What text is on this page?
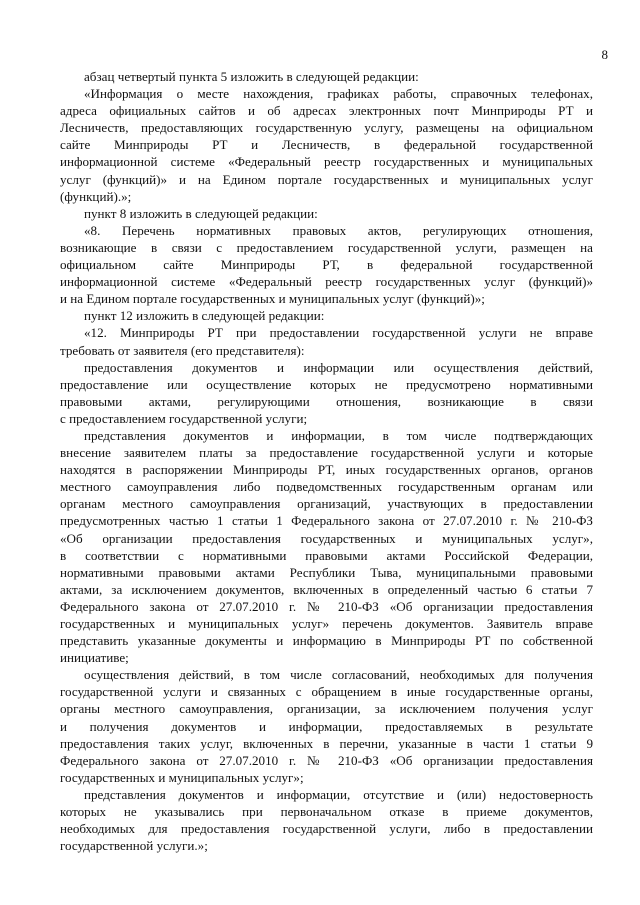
8
абзац четвертый пункта 5 изложить в следующей редакции:
«Информация о месте нахождения, графиках работы, справочных телефонах,
адреса официальных сайтов и об адресах электронных почт Минприроды РТ и
Лесничеств, предоставляющих государственную услугу, размещены на официальном
сайте Минприроды РТ и Лесничеств, в федеральной государственной
информационной системе «Федеральный реестр государственных и муниципальных
услуг (функций)» и на Едином портале государственных и муниципальных услуг
(функций).»;
пункт 8 изложить в следующей редакции:
«8. Перечень нормативных правовых актов, регулирующих отношения,
возникающие в связи с предоставлением государственной услуги, размещен на
официальном сайте Минприроды РТ, в федеральной государственной
информационной системе «Федеральный реестр государственных услуг (функций)»
и на Едином портале государственных и муниципальных услуг (функций)»;
пункт 12 изложить в следующей редакции:
«12. Минприроды РТ при предоставлении государственной услуги не вправе
требовать от заявителя (его представителя):
предоставления документов и информации или осуществления действий,
предоставление или осуществление которых не предусмотрено нормативными
правовыми актами, регулирующими отношения, возникающие в связи
с предоставлением государственной услуги;
представления документов и информации, в том числе подтверждающих
внесение заявителем платы за предоставление государственной услуги и которые
находятся в распоряжении Минприроды РТ, иных государственных органов, органов
местного самоуправления либо подведомственных государственным органам или
органам местного самоуправления организаций, участвующих в предоставлении
предусмотренных частью 1 статьи 1 Федерального закона от 27.07.2010 г. № 210-ФЗ
«Об организации предоставления государственных и муниципальных услуг»,
в соответствии с нормативными правовыми актами Российской Федерации,
нормативными правовыми актами Республики Тыва, муниципальными правовыми
актами, за исключением документов, включенных в определенный частью 6 статьи 7
Федерального закона от 27.07.2010 г. № 210-ФЗ «Об организации предоставления
государственных и муниципальных услуг» перечень документов. Заявитель вправе
представить указанные документы и информацию в Минприроды РТ по собственной
инициативе;
осуществления действий, в том числе согласований, необходимых для получения
государственной услуги и связанных с обращением в иные государственные органы,
органы местного самоуправления, организации, за исключением получения услуг
и получения документов и информации, предоставляемых в результате
предоставления таких услуг, включенных в перечни, указанные в части 1 статьи 9
Федерального закона от 27.07.2010 г. № 210-ФЗ «Об организации предоставления
государственных и муниципальных услуг»;
представления документов и информации, отсутствие и (или) недостоверность
которых не указывались при первоначальном отказе в приеме документов,
необходимых для предоставления государственной услуги, либо в предоставлении
государственной услуги.»;
